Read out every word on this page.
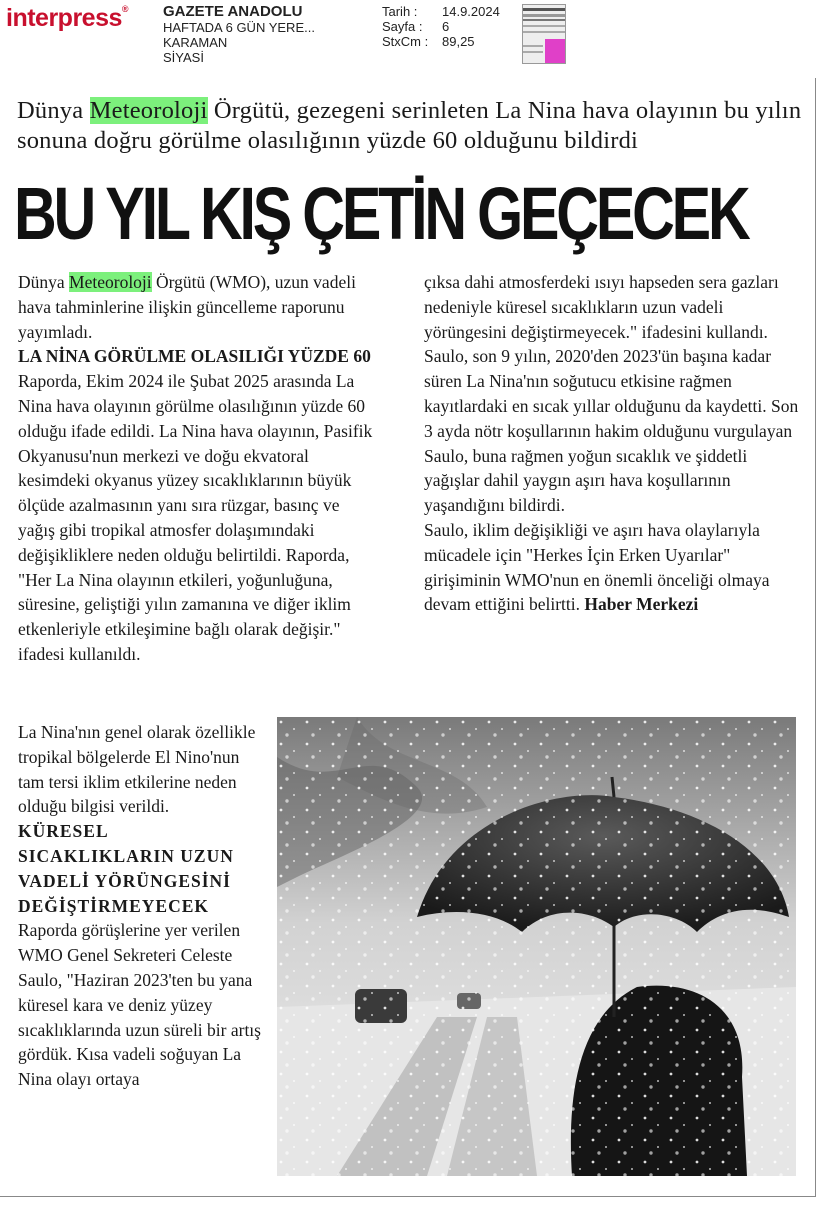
interpress® GAZETE ANADOLU
HAFTADA 6 GÜN YERE...
KARAMAN
SİYASİ
Tarih : 14.9.2024
Sayfa : 6
StxCm : 89,25
Dünya Meteoroloji Örgütü, gezegeni serinleten La Nina hava olayının bu yılın sonuna doğru görülme olasılığının yüzde 60 olduğunu bildirdi
BU YIL KIŞ ÇETİN GEÇECEK

Dünya Meteoroloji Örgütü (WMO), uzun vadeli hava tahminlerine ilişkin güncelleme raporunu yayımladı.

LA NİNA GÖRÜLME OLASILIĞI YÜZDE 60 Raporda, Ekim 2024 ile Şubat 2025 arasında La Nina hava olayının görülme olasılığının yüzde 60 olduğu ifade edildi. La Nina hava olayının, Pasifik Okyanusu'nun merkezi ve doğu ekvatoral kesimdeki okyanus yüzey sıcaklıklarının büyük ölçüde azalmasının yanı sıra rüzgar, basınç ve yağış gibi tropikal atmosfer dolaşımındaki değişikliklere neden olduğu belirtildi. Raporda, "Her La Nina olayının etkileri, yoğunluğuna, süresine, geliştiği yılın zamanına ve diğer iklim etkenleriyle etkileşimine bağlı olarak değişir." ifadesi kullanıldı.

La Nina'nın genel olarak özellikle tropikal bölgelerde El Nino'nun tam tersi iklim etkilerine neden olduğu bilgisi verildi.

KÜRESEL SICAKLIKLARIN UZUN VADELİ YÖRÜNGESİNİ DEĞİŞTİRMEYECEK

Raporda görüşlerine yer verilen WMO Genel Sekreteri Celeste Saulo, "Haziran 2023'ten bu yana küresel kara ve deniz yüzey sıcaklıklarında uzun süreli bir artış gördük. Kısa vadeli soğuyan La Nina olayı ortaya

çıksa dahi atmosferdeki ısıyı hapseden sera gazları nedeniyle küresel sıcaklıkların uzun vadeli yörüngesini değiştirmeyecek." ifadesini kullandı.

Saulo, son 9 yılın, 2020'den 2023'ün başına kadar süren La Nina'nın soğutucu etkisine rağmen kayıtlardaki en sıcak yıllar olduğunu da kaydetti. Son 3 ayda nötr koşullarının hakim olduğunu vurgulayan Saulo, buna rağmen yoğun sıcaklık ve şiddetli yağışlar dahil yaygın aşırı hava koşullarının yaşandığını bildirdi.

Saulo, iklim değişikliği ve aşırı hava olaylarıyla mücadele için "Herkes İçin Erken Uyarılar" girişiminin WMO'nun en önemli önceliği olmaya devam ettiğini belirtti. Haber Merkezi
